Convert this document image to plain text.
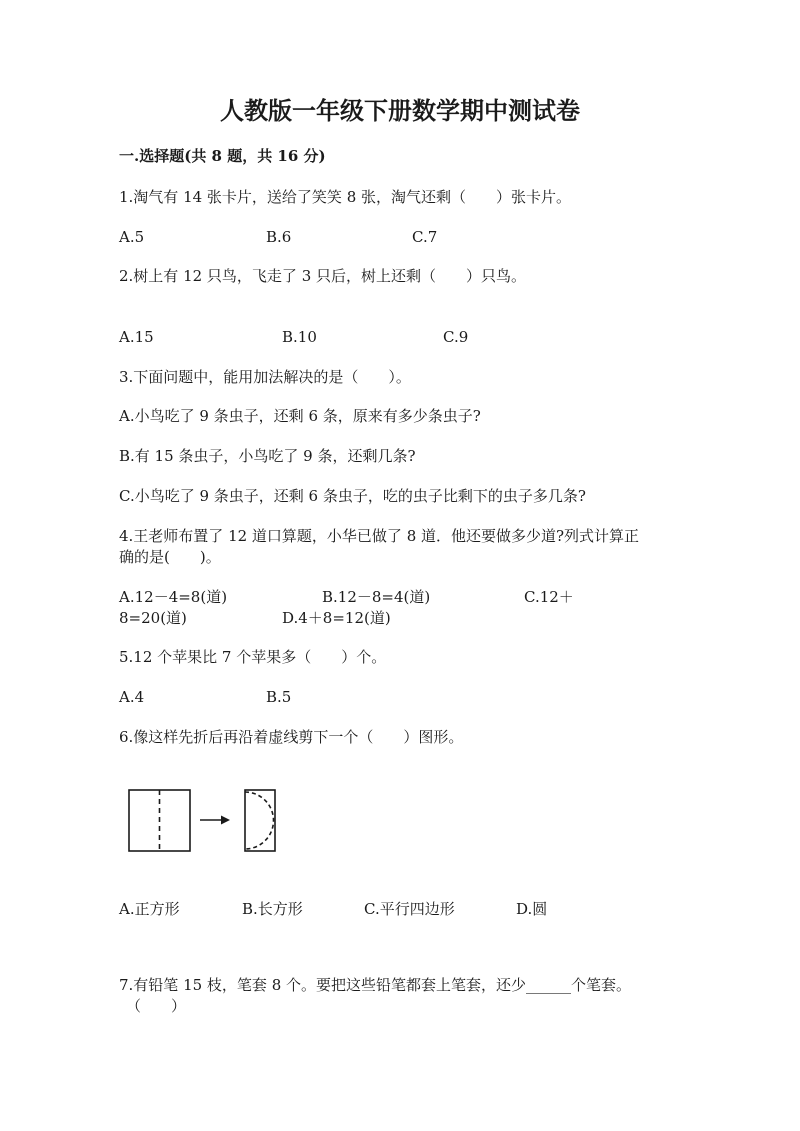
人教版一年级下册数学期中测试卷
一.选择题(共 8 题，共 16 分)
1.淘气有 14 张卡片，送给了笑笑 8 张，淘气还剩（　　）张卡片。
A.5	B.6	C.7
2.树上有 12 只鸟，飞走了 3 只后，树上还剩（　　）只鸟。
A.15	B.10	C.9
3.下面问题中，能用加法解决的是（　　）。
A.小鸟吃了 9 条虫子，还剩 6 条，原来有多少条虫子?
B.有 15 条虫子，小鸟吃了 9 条，还剩几条?
C.小鸟吃了 9 条虫子，还剩 6 条虫子，吃的虫子比剩下的虫子多几条?
4.王老师布置了 12 道口算题，小华已做了 8 道．他还要做多少道?列式计算正
确的是(　　)。
A.12－4=8(道)	B.12－8=4(道)	C.12＋
8=20(道)	D.4＋8=12(道)
5.12 个苹果比 7 个苹果多（　　）个。
A.4	B.5
6.像这样先折后再沿着虚线剪下一个（　　）图形。
A.正方形	B.长方形	C.平行四边形	D.圆
7.有铅笔 15 枝，笔套 8 个。要把这些铅笔都套上笔套，还少______个笔套。
（　　）
